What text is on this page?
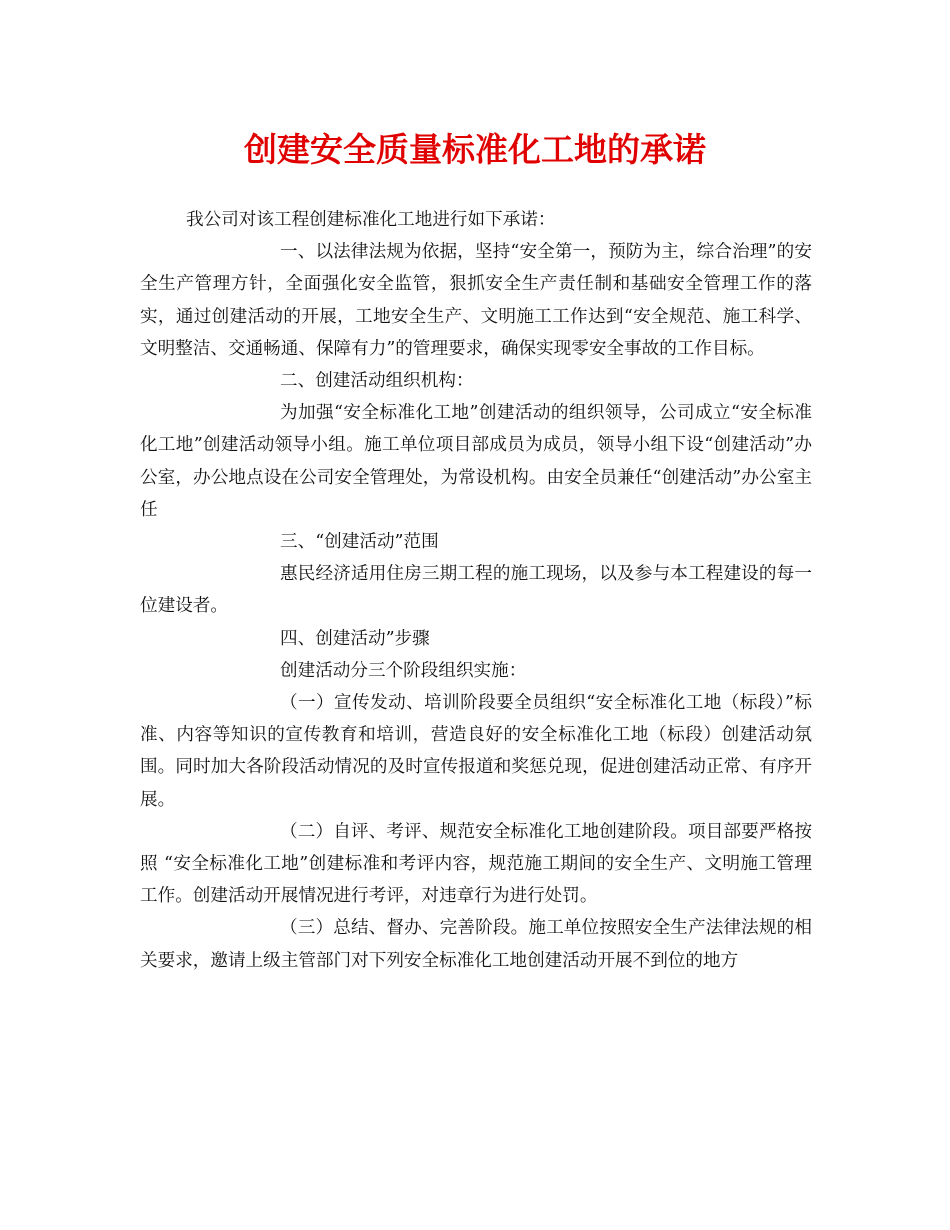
创建安全质量标准化工地的承诺

我公司对该工程创建标准化工地进行如下承诺：

一、以法律法规为依据，坚持“安全第一，预防为主，综合治理”的安全生产管理方针，全面强化安全监管，狠抓安全生产责任制和基础安全管理工作的落实，通过创建活动的开展，工地安全生产、文明施工工作达到“安全规范、施工科学、文明整洁、交通畅通、保障有力”的管理要求，确保实现零安全事故的工作目标。

二、创建活动组织机构：

为加强“安全标准化工地”创建活动的组织领导，公司成立“安全标准化工地”创建活动领导小组。施工单位项目部成员为成员，领导小组下设“创建活动”办公室，办公地点设在公司安全管理处，为常设机构。由安全员兼任“创建活动”办公室主任

三、“创建活动”范围

惠民经济适用住房三期工程的施工现场，以及参与本工程建设的每一位建设者。

四、创建活动”步骤

创建活动分三个阶段组织实施：

（一）宣传发动、培训阶段要全员组织“安全标准化工地（标段）”标准、内容等知识的宣传教育和培训，营造良好的安全标准化工地（标段）创建活动氛围。同时加大各阶段活动情况的及时宣传报道和奖惩兑现，促进创建活动正常、有序开展。

（二）自评、考评、规范安全标准化工地创建阶段。项目部要严格按照 “安全标准化工地”创建标准和考评内容，规范施工期间的安全生产、文明施工管理工作。创建活动开展情况进行考评，对违章行为进行处罚。

（三）总结、督办、完善阶段。施工单位按照安全生产法律法规的相关要求，邀请上级主管部门对下列安全标准化工地创建活动开展不到位的地方
